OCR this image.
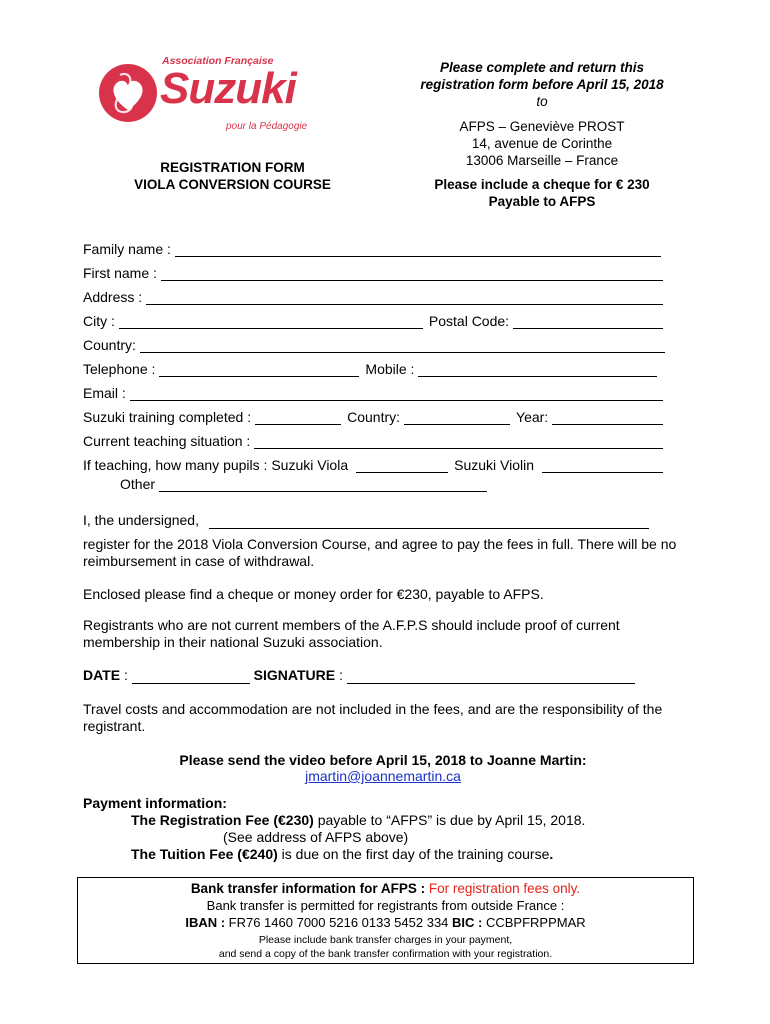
Association Française
Suzuki
pour la Pédagogie
REGISTRATION FORM
VIOLA CONVERSION COURSE
Please complete and return this
registration form before April 15, 2018
to
AFPS – Geneviève PROST
14, avenue de Corinthe
13006 Marseille – France
Please include a cheque for € 230
Payable to AFPS
Family name :
First name :
Address :
City :	Postal Code:
Country:
Telephone :	Mobile :
Email :
Suzuki training completed :	Country:	Year:
Current teaching situation :
If teaching, how many pupils : Suzuki Viola	Suzuki Violin
Other
I, the undersigned,
register for the 2018 Viola Conversion Course, and agree to pay the fees in full. There will be no reimbursement in case of withdrawal.
Enclosed please find a cheque or money order for €230, payable to AFPS.
Registrants who are not current members of the A.F.P.S should include proof of current membership in their national Suzuki association.
DATE :	SIGNATURE :
Travel costs and accommodation are not included in the fees, and are the responsibility of the registrant.
Please send the video before April 15, 2018 to Joanne Martin:
jmartin@joannemartin.ca
Payment information:
The Registration Fee (€230) payable to “AFPS” is due by April 15, 2018.
(See address of AFPS above)
The Tuition Fee (€240) is due on the first day of the training course.
Bank transfer information for AFPS : For registration fees only.
Bank transfer is permitted for registrants from outside France :
IBAN : FR76 1460 7000 5216 0133 5452 334 BIC : CCBPFRPPMAR
Please include bank transfer charges in your payment,
and send a copy of the bank transfer confirmation with your registration.
